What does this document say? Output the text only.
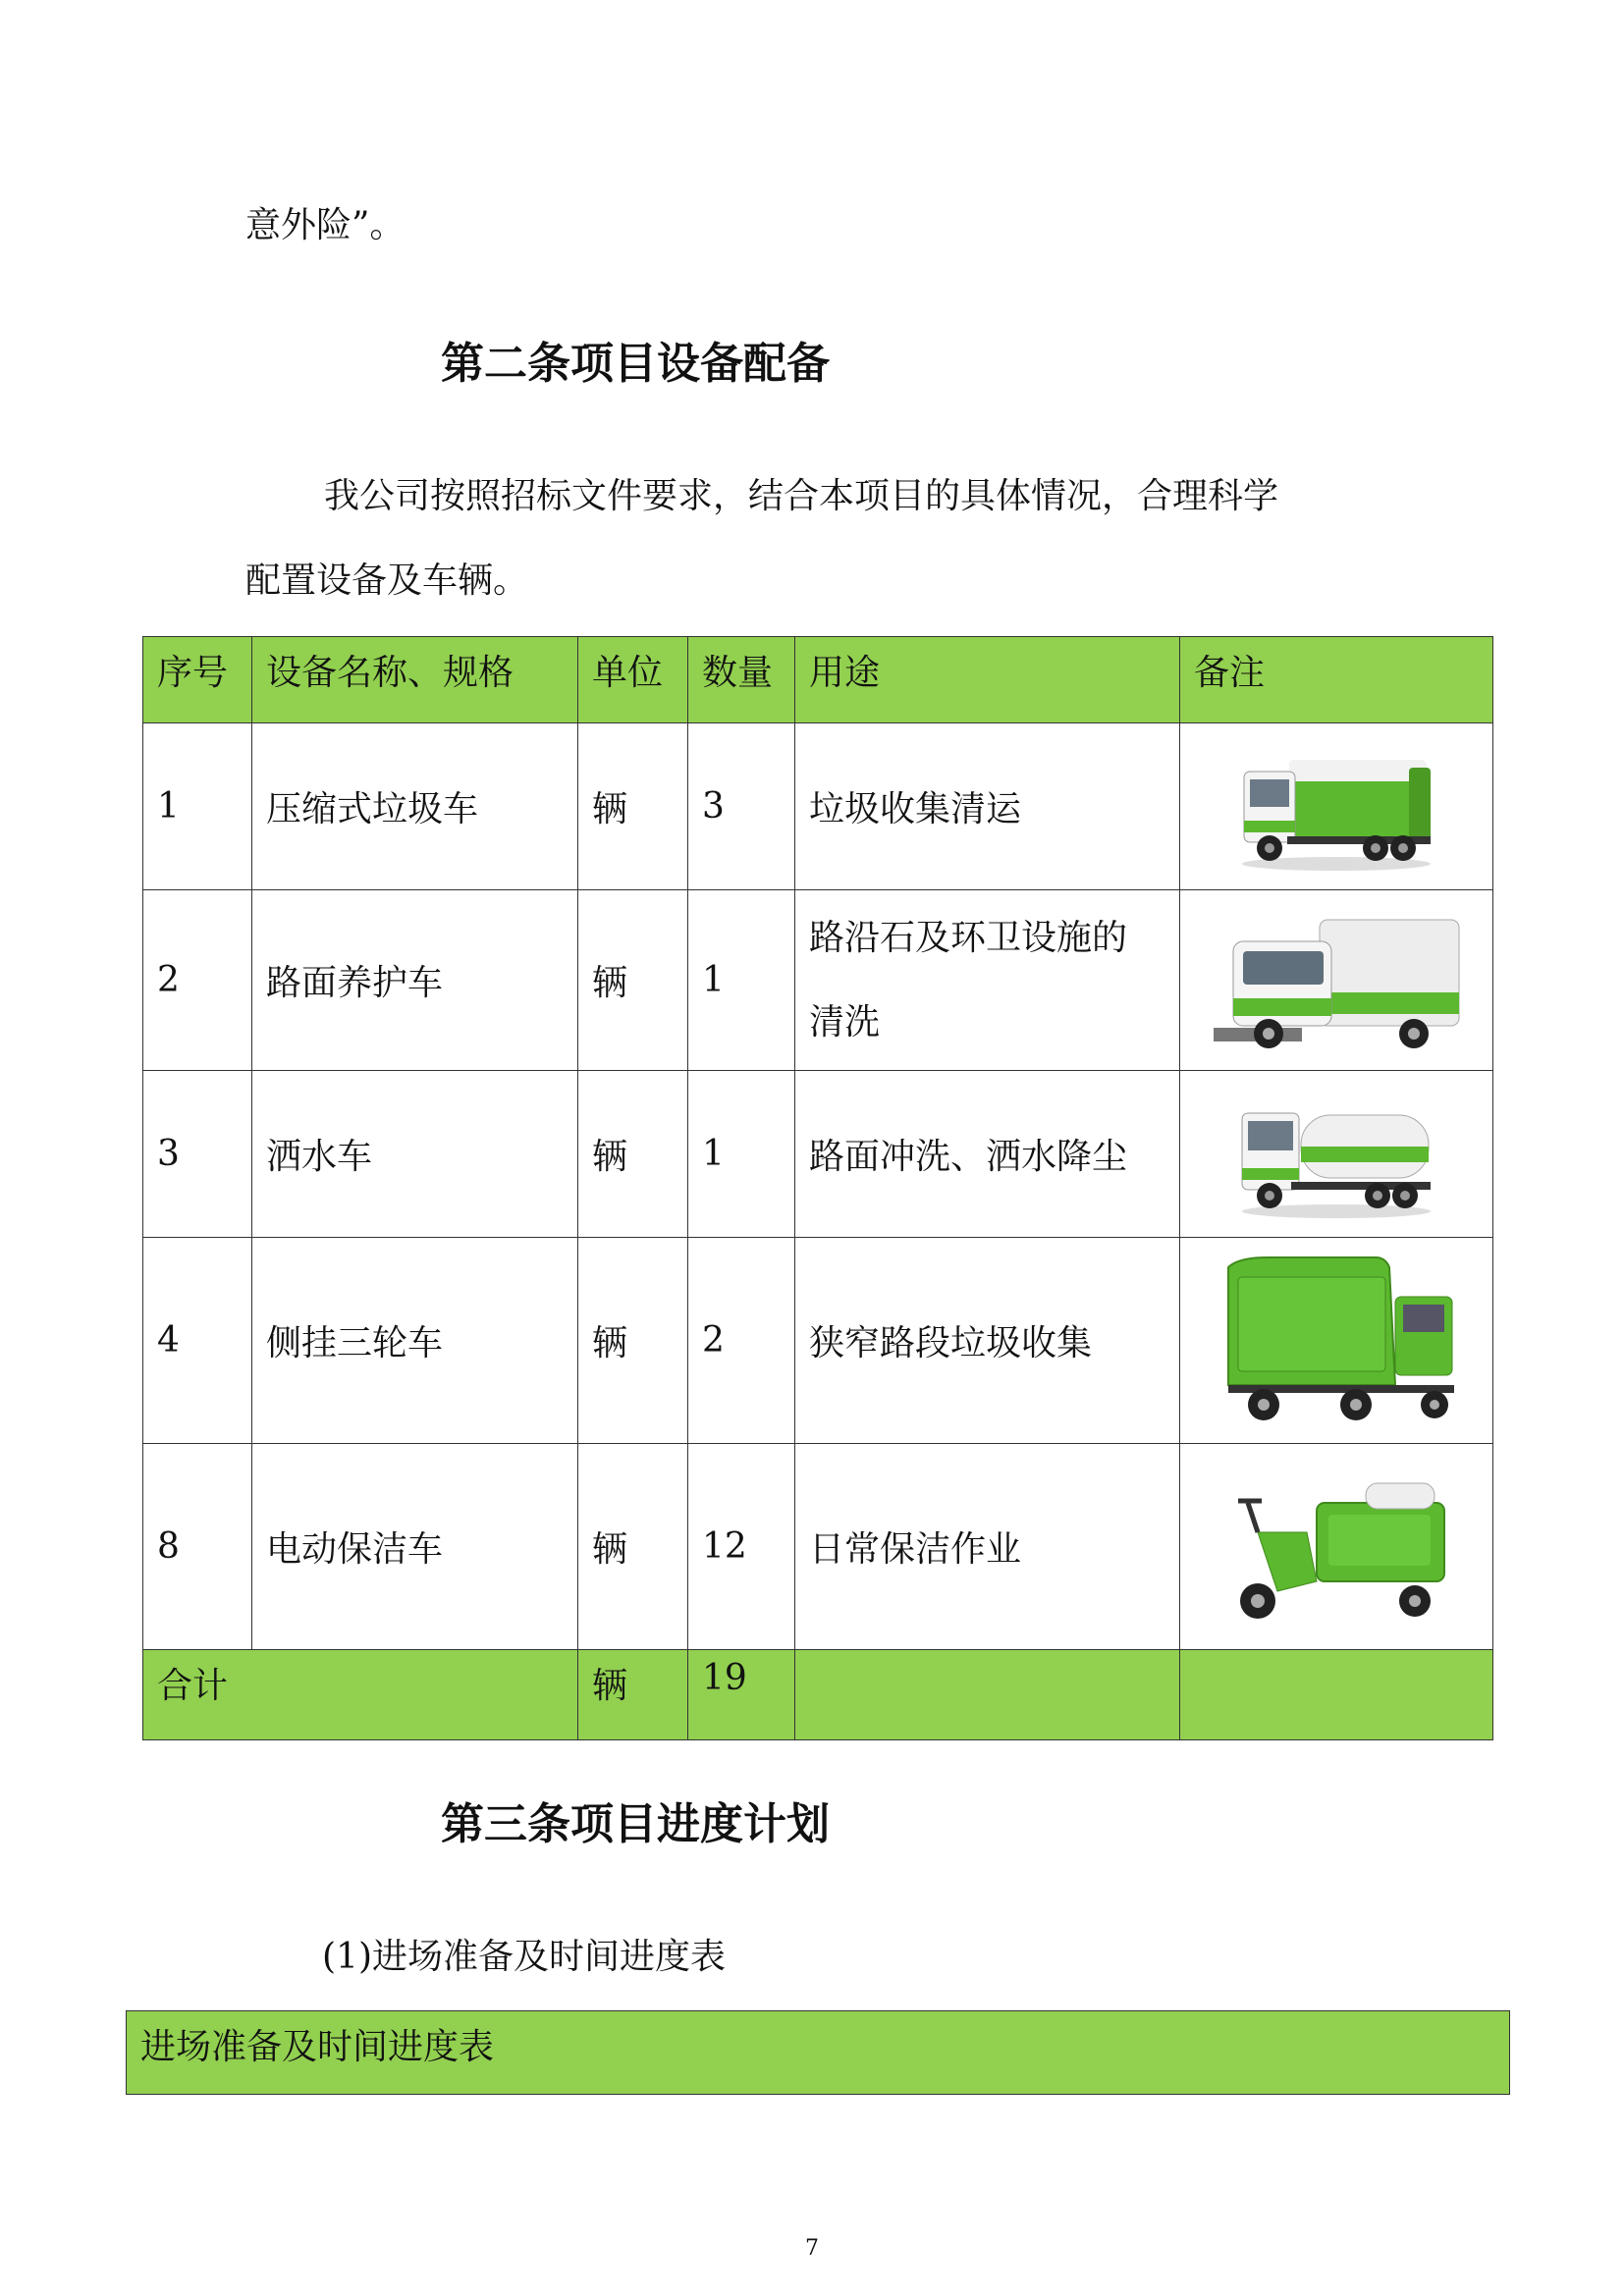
意外险”。
第二条项目设备配备
我公司按照招标文件要求，结合本项目的具体情况，合理科学
配置设备及车辆。
序号	设备名称、规格	单位	数量	用途	备注
1	压缩式垃圾车	辆	3	垃圾收集清运	

2	路面养护车	辆	1	路沿石及环卫设施的
清洗

3	洒水车	辆	1	路面冲洗、洒水降尘	

4	侧挂三轮车	辆	2	狭窄路段垃圾收集	

8	电动保洁车	辆	12	日常保洁作业	

合计		辆	19		
第三条项目进度计划
(1)进场准备及时间进度表
进场准备及时间进度表
7
